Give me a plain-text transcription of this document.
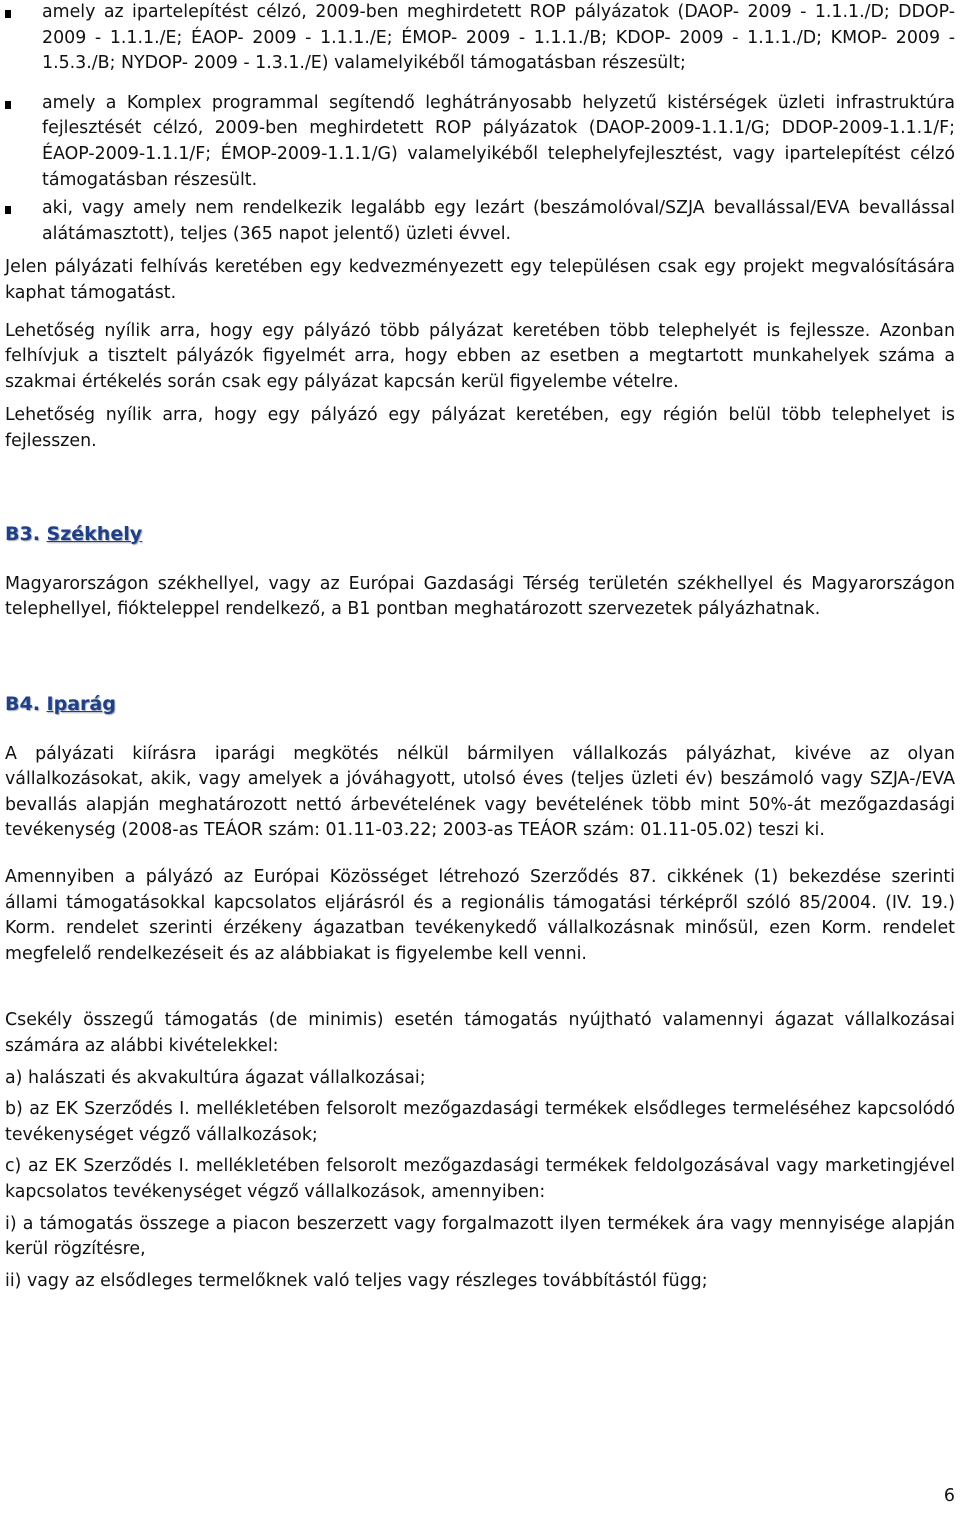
amely az ipartelepítést célzó, 2009-ben meghirdetett ROP pályázatok (DAOP- 2009 - 1.1.1./D; DDOP- 2009 - 1.1.1./E; ÉAOP- 2009 - 1.1.1./E; ÉMOP- 2009 - 1.1.1./B; KDOP- 2009 - 1.1.1./D; KMOP- 2009 - 1.5.3./B; NYDOP- 2009 - 1.3.1./E) valamelyikéből támogatásban részesült;
amely a Komplex programmal segítendő leghátrányosabb helyzetű kistérségek üzleti infrastruktúra fejlesztését célzó, 2009-ben meghirdetett ROP pályázatok (DAOP-2009-1.1.1/G; DDOP-2009-1.1.1/F; ÉAOP-2009-1.1.1/F; ÉMOP-2009-1.1.1/G) valamelyikéből telephelyfejlesztést, vagy ipartelepítést célzó támogatásban részesült.
aki, vagy amely nem rendelkezik legalább egy lezárt (beszámolóval/SZJA bevallással/EVA bevallással alátámasztott), teljes (365 napot jelentő) üzleti évvel.

Jelen pályázati felhívás keretében egy kedvezményezett egy településen csak egy projekt megvalósítására kaphat támogatást.

Lehetőség nyílik arra, hogy egy pályázó több pályázat keretében több telephelyét is fejlessze. Azonban felhívjuk a tisztelt pályázók figyelmét arra, hogy ebben az esetben a megtartott munkahelyek száma a szakmai értékelés során csak egy pályázat kapcsán kerül figyelembe vételre.

Lehetőség nyílik arra, hogy egy pályázó egy pályázat keretében, egy régión belül több telephelyet is fejlesszen.

B3. Székhely

Magyarországon székhellyel, vagy az Európai Gazdasági Térség területén székhellyel és Magyarországon telephellyel, fiókteleppel rendelkező, a B1 pontban meghatározott szervezetek pályázhatnak.

B4. Iparág

A pályázati kiírásra iparági megkötés nélkül bármilyen vállalkozás pályázhat, kivéve az olyan vállalkozásokat, akik, vagy amelyek a jóváhagyott, utolsó éves (teljes üzleti év) beszámoló vagy SZJA-/EVA bevallás alapján meghatározott nettó árbevételének vagy bevételének több mint 50%-át mezőgazdasági tevékenység (2008-as TEÁOR szám: 01.11-03.22; 2003-as TEÁOR szám: 01.11-05.02) teszi ki.

Amennyiben a pályázó az Európai Közösséget létrehozó Szerződés 87. cikkének (1) bekezdése szerinti állami támogatásokkal kapcsolatos eljárásról és a regionális támogatási térképről szóló 85/2004. (IV. 19.) Korm. rendelet szerinti érzékeny ágazatban tevékenykedő vállalkozásnak minősül, ezen Korm. rendelet megfelelő rendelkezéseit és az alábbiakat is figyelembe kell venni.

Csekély összegű támogatás (de minimis) esetén támogatás nyújtható valamennyi ágazat vállalkozásai számára az alábbi kivételekkel:

a) halászati és akvakultúra ágazat vállalkozásai;

b) az EK Szerződés I. mellékletében felsorolt mezőgazdasági termékek elsődleges termeléséhez kapcsolódó tevékenységet végző vállalkozások;

c) az EK Szerződés I. mellékletében felsorolt mezőgazdasági termékek feldolgozásával vagy marketingjével kapcsolatos tevékenységet végző vállalkozások, amennyiben:

i) a támogatás összege a piacon beszerzett vagy forgalmazott ilyen termékek ára vagy mennyisége alapján kerül rögzítésre,

ii) vagy az elsődleges termelőknek való teljes vagy részleges továbbítástól függ;

6
